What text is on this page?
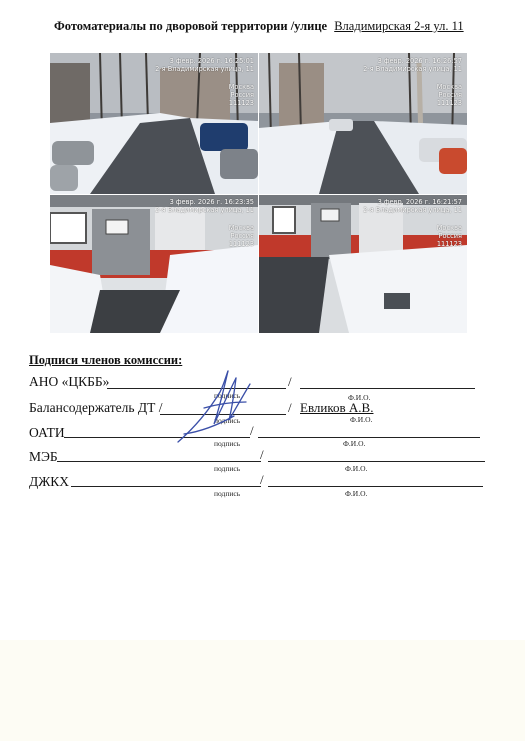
Фотоматериалы по дворовой территории /улице Владимирская 2-я ул. 11
3 февр. 2026 г. 16:25:01
2-я Владимирская улица, 11
Москва
Россия
111123
3 февр. 2026 г. 16:26:57
2-я Владимирская улица, 11
Москва
Россия
111123
3 февр. 2026 г. 16:23:35
2-я Владимирская улица, 11
Москва
Россия
111123
3 февр. 2026 г. 16:21:57
2-я Владимирская улица, 11
Москва
Россия
111123
Подписи членов комиссии:
АНО «ЦКББ»	/
подпись	Ф.И.О.
Балансодержатель ДТ /	/ Евликов А.В.
подпись	Ф.И.О.
ОАТИ	/
подпись	Ф.И.О.
МЭБ	/
подпись	Ф.И.О.
ДЖКХ	/
подпись	Ф.И.О.
